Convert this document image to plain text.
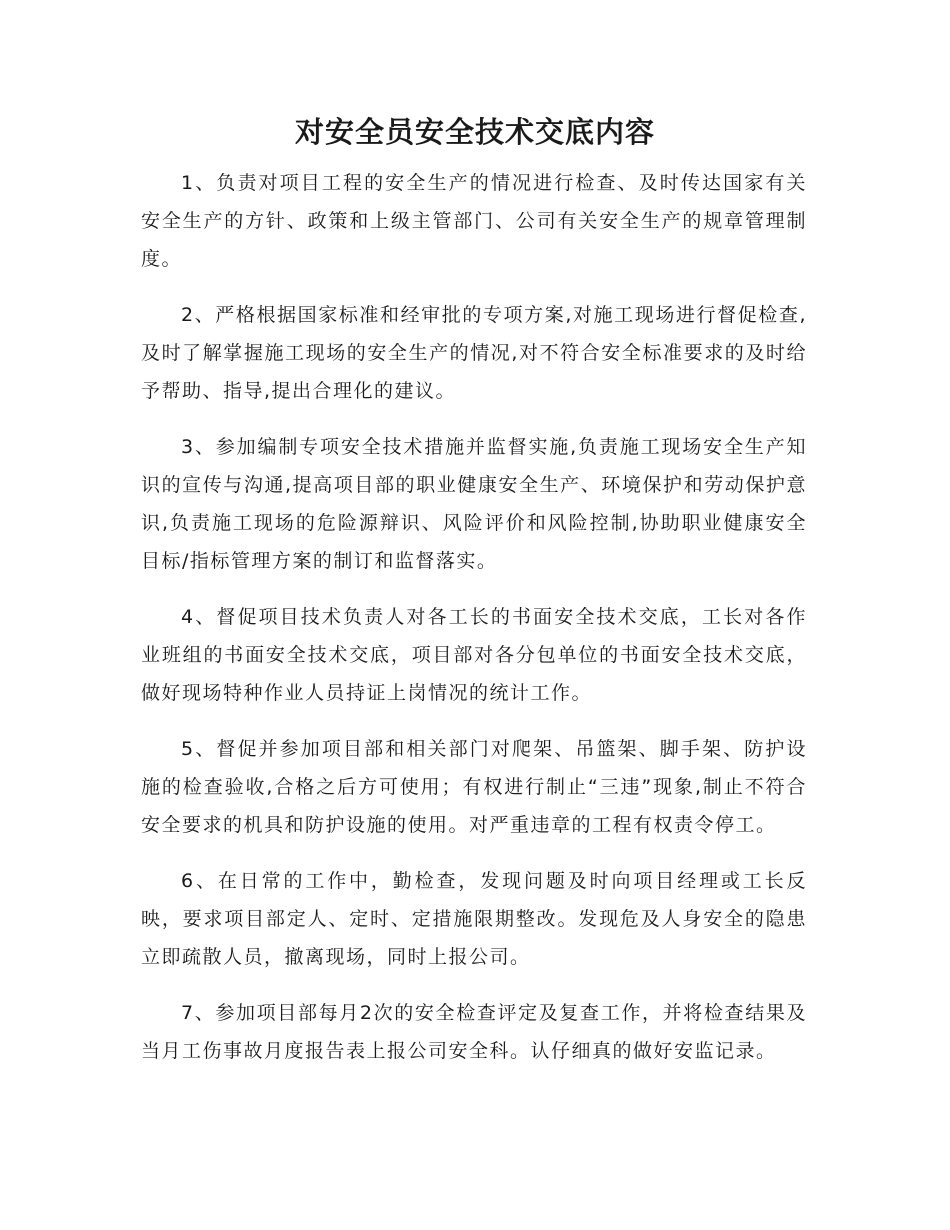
对安全员安全技术交底内容

1、负责对项目工程的安全生产的情况进行检查、及时传达国家有关安全生产的方针、政策和上级主管部门、公司有关安全生产的规章管理制度。

2、严格根据国家标准和经审批的专项方案,对施工现场进行督促检查,及时了解掌握施工现场的安全生产的情况,对不符合安全标准要求的及时给予帮助、指导,提出合理化的建议。

3、参加编制专项安全技术措施并监督实施,负责施工现场安全生产知识的宣传与沟通,提高项目部的职业健康安全生产、环境保护和劳动保护意识,负责施工现场的危险源辩识、风险评价和风险控制,协助职业健康安全目标/指标管理方案的制订和监督落实。

4、督促项目技术负责人对各工长的书面安全技术交底，工长对各作业班组的书面安全技术交底，项目部对各分包单位的书面安全技术交底，做好现场特种作业人员持证上岗情况的统计工作。

5、督促并参加项目部和相关部门对爬架、吊篮架、脚手架、防护设施的检查验收,合格之后方可使用；有权进行制止“三违”现象,制止不符合安全要求的机具和防护设施的使用。对严重违章的工程有权责令停工。

6、在日常的工作中，勤检查，发现问题及时向项目经理或工长反映，要求项目部定人、定时、定措施限期整改。发现危及人身安全的隐患立即疏散人员，撤离现场，同时上报公司。

7、参加项目部每月2次的安全检查评定及复查工作，并将检查结果及当月工伤事故月度报告表上报公司安全科。认仔细真的做好安监记录。
